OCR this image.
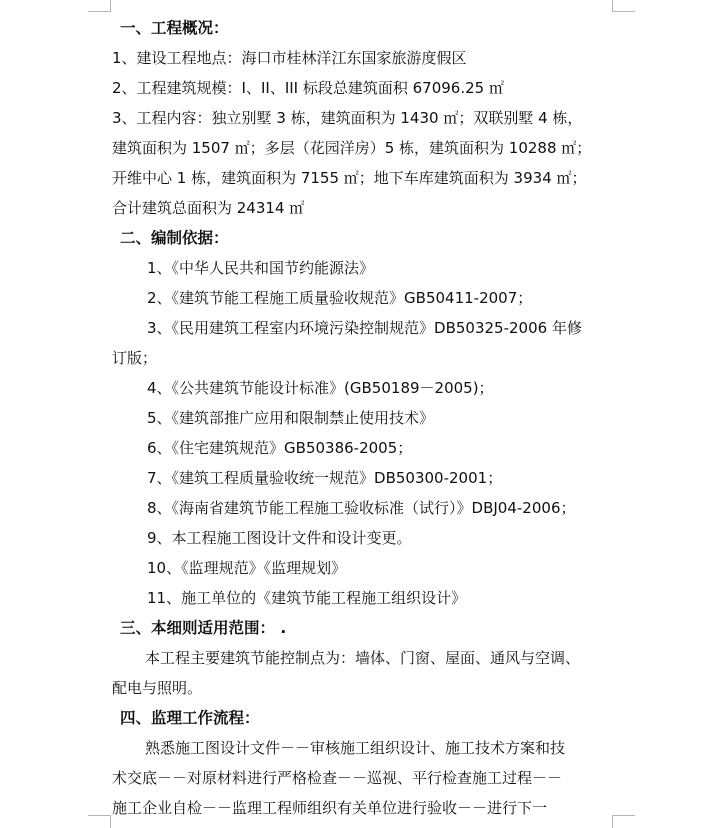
一、工程概况：
1、建设工程地点：海口市桂林洋江东国家旅游度假区
2、工程建筑规模：I、II、III 标段总建筑面积 67096.25 ㎡
3、工程内容：独立别墅 3 栋，建筑面积为 1430 ㎡；双联别墅 4 栋，
建筑面积为 1507 ㎡；多层（花园洋房）5 栋，建筑面积为 10288 ㎡；
开维中心 1 栋，建筑面积为 7155 ㎡；地下车库建筑面积为 3934 ㎡；
合计建筑总面积为 24314 ㎡
二、编制依据：
1、《中华人民共和国节约能源法》
2、《建筑节能工程施工质量验收规范》GB50411-2007；
3、《民用建筑工程室内环境污染控制规范》DB50325-2006 年修
订版；
4、《公共建筑节能设计标准》(GB50189－2005)；
5、《建筑部推广应用和限制禁止使用技术》
6、《住宅建筑规范》GB50386-2005；
7、《建筑工程质量验收统一规范》DB50300-2001；
8、《海南省建筑节能工程施工验收标准（试行）》DBJ04-2006；
9、本工程施工图设计文件和设计变更。
10、《监理规范》《监理规划》
11、施工单位的《建筑节能工程施工组织设计》
三、本细则适用范围： .
本工程主要建筑节能控制点为：墙体、门窗、屋面、通风与空调、
配电与照明。
四、监理工作流程：
熟悉施工图设计文件－－审核施工组织设计、施工技术方案和技
术交底－－对原材料进行严格检查－－巡视、平行检查施工过程－－
施工企业自检－－监理工程师组织有关单位进行验收－－进行下一
